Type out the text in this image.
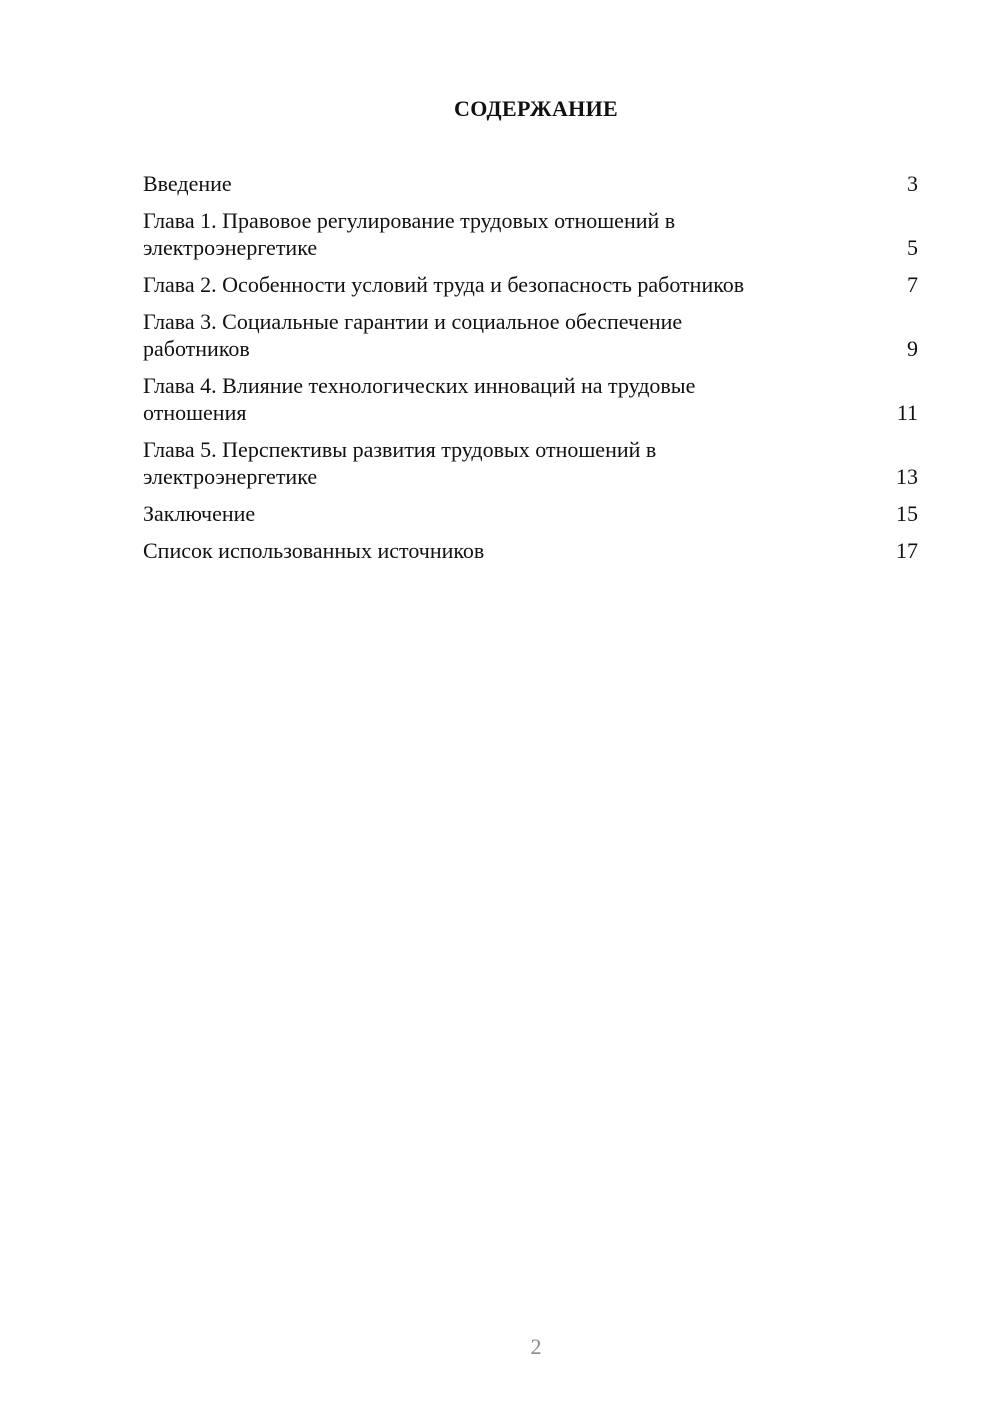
СОДЕРЖАНИЕ
Введение	3
Глава 1. Правовое регулирование трудовых отношений в электроэнергетике	5
Глава 2. Особенности условий труда и безопасность работников	7
Глава 3. Социальные гарантии и социальное обеспечение работников	9
Глава 4. Влияние технологических инноваций на трудовые отношения	11
Глава 5. Перспективы развития трудовых отношений в электроэнергетике	13
Заключение	15
Список использованных источников	17
2
